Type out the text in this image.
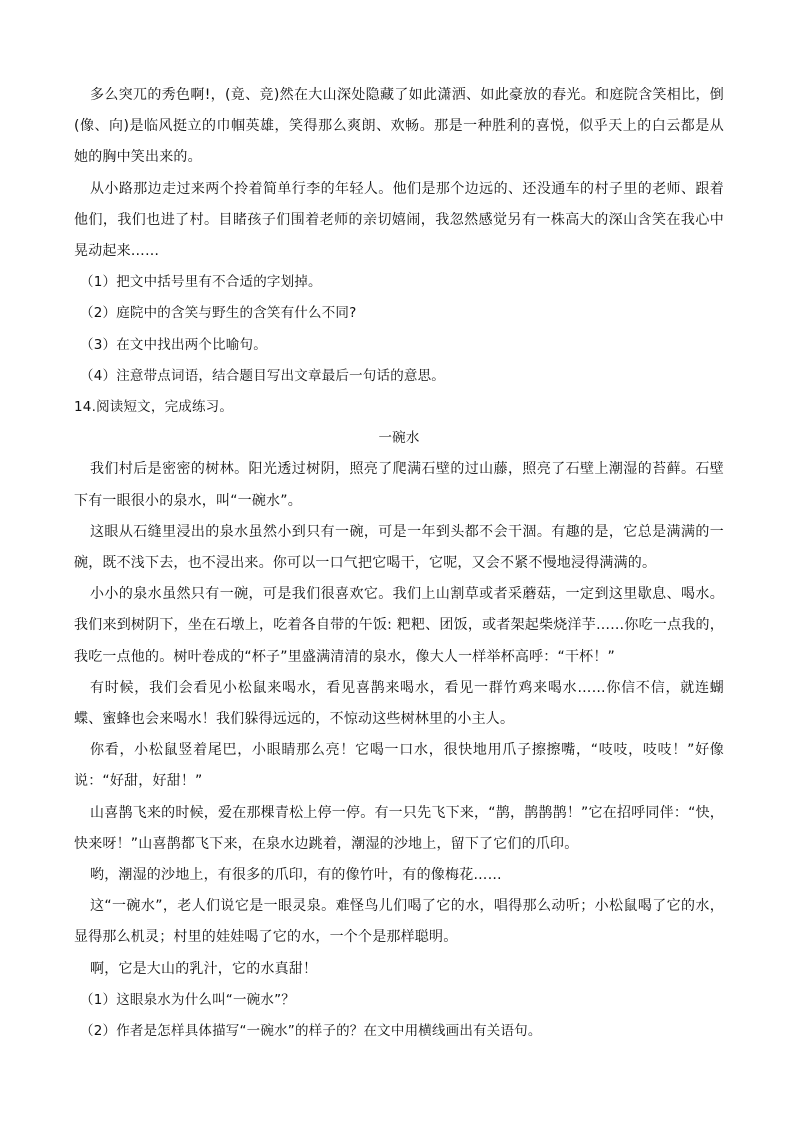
多么突兀的秀色啊!，(竟、竞)然在大山深处隐藏了如此潇洒、如此豪放的春光。和庭院含笑相比，倒(像、向)是临风挺立的巾帼英雄，笑得那么爽朗、欢畅。那是一种胜利的喜悦，似乎天上的白云都是从她的胸中笑出来的。

从小路那边走过来两个拎着简单行李的年轻人。他们是那个边远的、还没通车的村子里的老师、跟着他们，我们也进了村。目睹孩子们围着老师的亲切嬉闹，我忽然感觉另有一株高大的深山含笑在我心中晃动起来……

（1）把文中括号里有不合适的字划掉。

（2）庭院中的含笑与野生的含笑有什么不同?

（3）在文中找出两个比喻句。

（4）注意带点词语，结合题目写出文章最后一句话的意思。

14.阅读短文，完成练习。

一碗水

我们村后是密密的树林。阳光透过树阴，照亮了爬满石壁的过山藤，照亮了石壁上潮湿的苔藓。石壁下有一眼很小的泉水，叫“一碗水”。

这眼从石缝里浸出的泉水虽然小到只有一碗，可是一年到头都不会干涸。有趣的是，它总是满满的一碗，既不浅下去，也不浸出来。你可以一口气把它喝干，它呢，又会不紧不慢地浸得满满的。

小小的泉水虽然只有一碗，可是我们很喜欢它。我们上山割草或者采蘑菇，一定到这里歇息、喝水。我们来到树阴下，坐在石墩上，吃着各自带的午饭: 粑粑、团饭，或者架起柴烧洋芋……你吃一点我的，我吃一点他的。树叶卷成的“杯子”里盛满清清的泉水，像大人一样举杯高呼：“干杯！”

有时候，我们会看见小松鼠来喝水，看见喜鹊来喝水，看见一群竹鸡来喝水……你信不信，就连蝴蝶、蜜蜂也会来喝水！我们躲得远远的，不惊动这些树林里的小主人。

你看，小松鼠竖着尾巴，小眼睛那么亮！它喝一口水，很快地用爪子擦擦嘴，“吱吱，吱吱！”好像说：“好甜，好甜！”

山喜鹊飞来的时候，爱在那棵青松上停一停。有一只先飞下来，“鹊，鹊鹊鹊！”它在招呼同伴：“快，快来呀！”山喜鹊都飞下来，在泉水边跳着，潮湿的沙地上，留下了它们的爪印。

哟，潮湿的沙地上，有很多的爪印，有的像竹叶，有的像梅花……

这“一碗水”，老人们说它是一眼灵泉。难怪鸟儿们喝了它的水，唱得那么动听；小松鼠喝了它的水，显得那么机灵；村里的娃娃喝了它的水，一个个是那样聪明。

啊，它是大山的乳汁，它的水真甜！

（1）这眼泉水为什么叫“一碗水”？

（2）作者是怎样具体描写“一碗水”的样子的？在文中用横线画出有关语句。
